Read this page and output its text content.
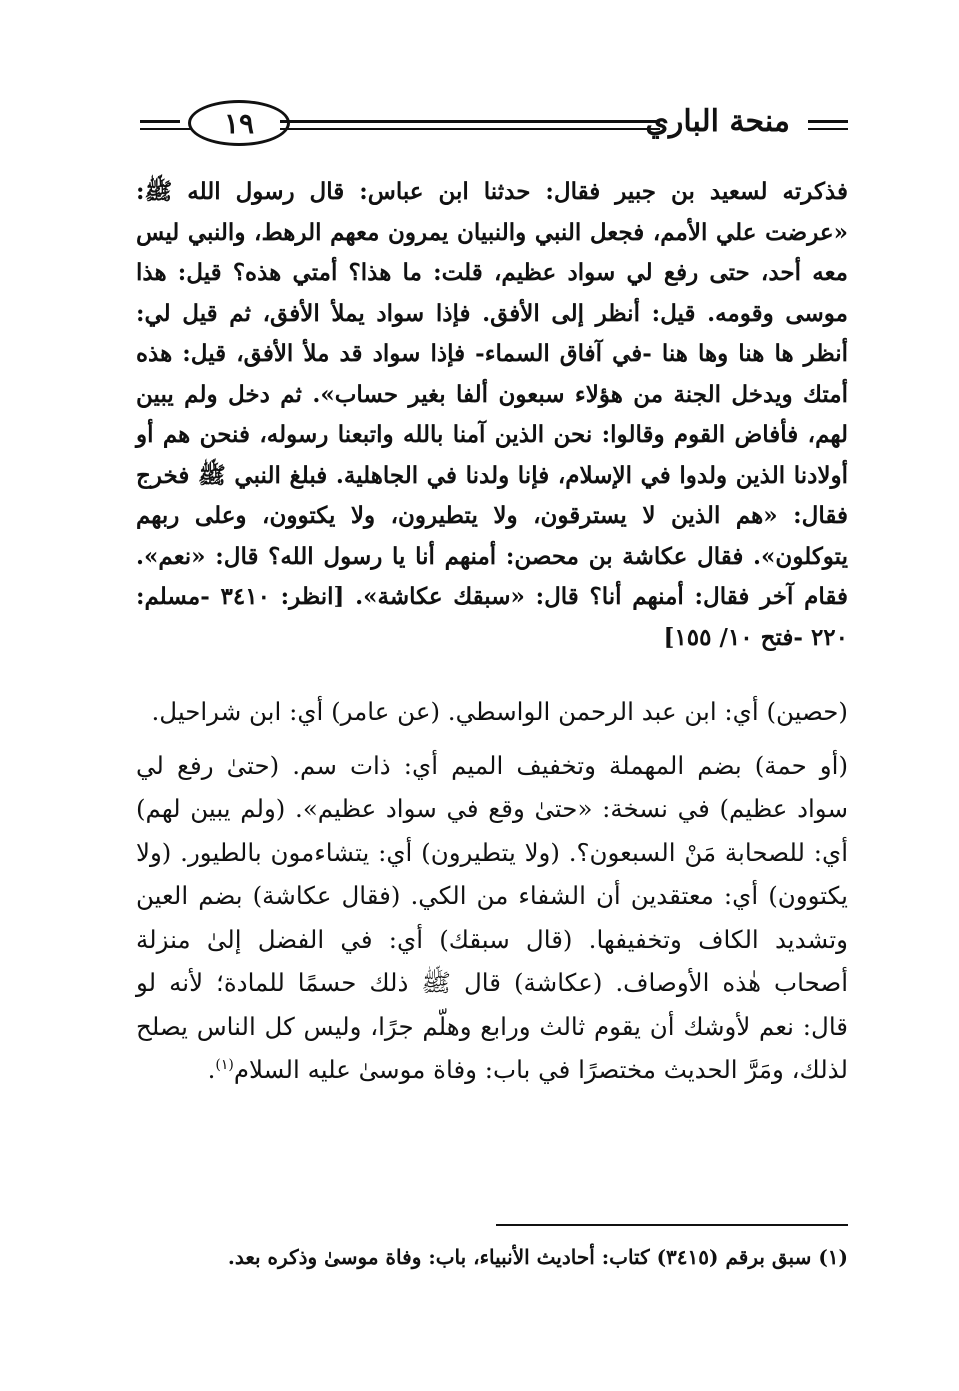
١٩	منحة الباري

فذكرته لسعيد بن جبير فقال: حدثنا ابن عباس: قال رسول الله ﷺ: «عرضت علي الأمم، فجعل النبي والنبيان يمرون معهم الرهط، والنبي ليس معه أحد، حتى رفع لي سواد عظيم، قلت: ما هذا؟ أمتي هذه؟ قيل: هذا موسى وقومه. قيل: أنظر إلى الأفق. فإذا سواد يملأ الأفق، ثم قيل لي: أنظر ها هنا وها هنا -في آفاق السماء- فإذا سواد قد ملأ الأفق، قيل: هذه أمتك ويدخل الجنة من هؤلاء سبعون ألفا بغير حساب». ثم دخل ولم يبين لهم، فأفاض القوم وقالوا: نحن الذين آمنا بالله واتبعنا رسوله، فنحن هم أو أولادنا الذين ولدوا في الإسلام، فإنا ولدنا في الجاهلية. فبلغ النبي ﷺ فخرج فقال: «هم الذين لا يسترقون، ولا يتطيرون، ولا يكتوون، وعلى ربهم يتوكلون». فقال عكاشة بن محصن: أمنهم أنا يا رسول الله؟ قال: «نعم». فقام آخر فقال: أمنهم أنا؟ قال: «سبقك عكاشة». [انظر: ٣٤١٠ -مسلم: ٢٢٠ -فتح ١٠/ ١٥٥]

(حصين) أي: ابن عبد الرحمن الواسطي. (عن عامر) أي: ابن شراحيل.

(أو حمة) بضم المهملة وتخفيف الميم أي: ذات سم. (حتىٰ رفع لي سواد عظيم) في نسخة: «حتىٰ وقع في سواد عظيم». (ولم يبين لهم) أي: للصحابة مَنْ السبعون؟. (ولا يتطيرون) أي: يتشاءمون بالطيور. (ولا يكتوون) أي: معتقدين أن الشفاء من الكي. (فقال عكاشة) بضم العين وتشديد الكاف وتخفيفها. (قال سبقك) أي: في الفضل إلىٰ منزلة أصحاب هٰذه الأوصاف. (عكاشة) قال ﷺ ذلك حسمًا للمادة؛ لأنه لو قال: نعم لأوشك أن يقوم ثالث ورابع وهلّم جرًا، وليس كل الناس يصلح لذلك، ومَرَّ الحديث مختصرًا في باب: وفاة موسىٰ عليه السلام$^{(١)}$.

(١) سبق برقم (٣٤١٥) كتاب: أحاديث الأنبياء، باب: وفاة موسىٰ وذكره بعد.
